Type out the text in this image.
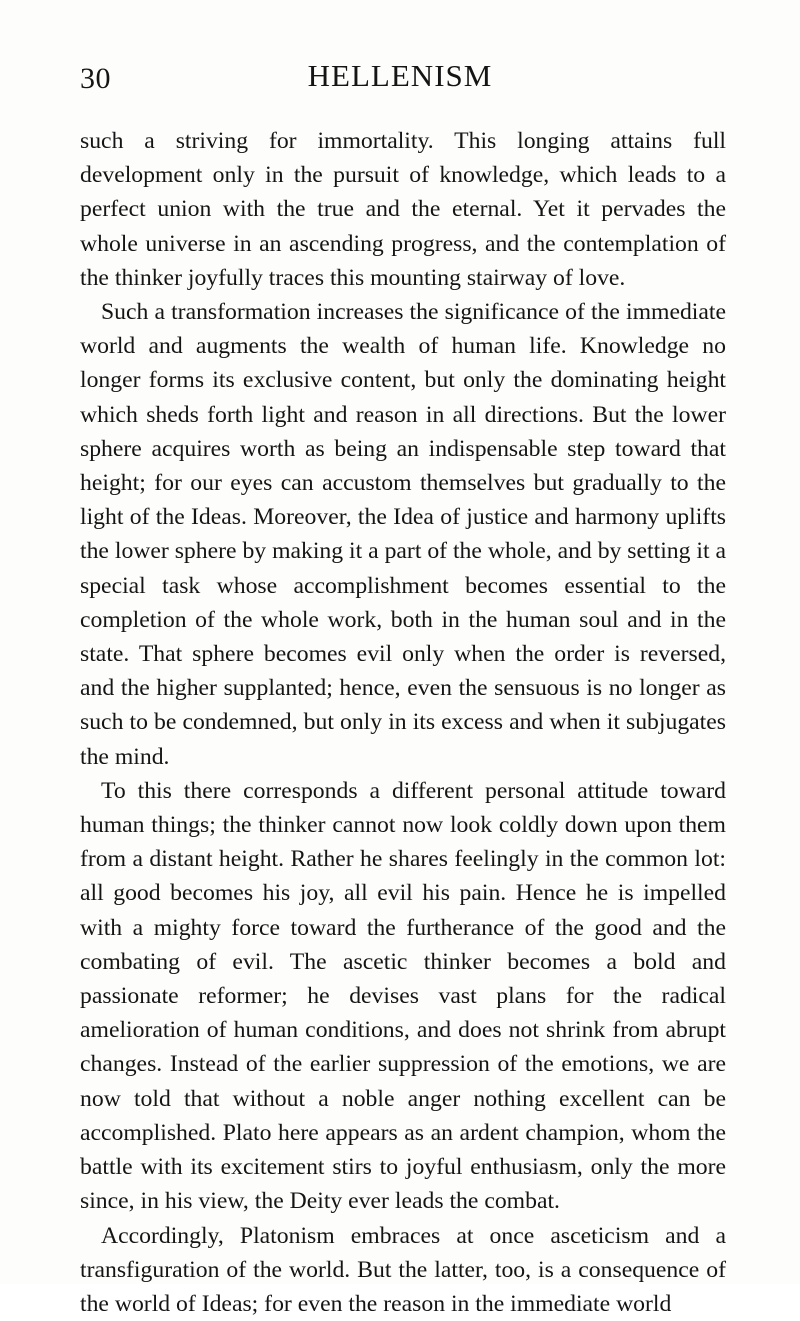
30	HELLENISM

such a striving for immortality. This longing attains full development only in the pursuit of knowledge, which leads to a perfect union with the true and the eternal. Yet it pervades the whole universe in an ascending progress, and the contemplation of the thinker joyfully traces this mounting stairway of love.

Such a transformation increases the significance of the immediate world and augments the wealth of human life. Knowledge no longer forms its exclusive content, but only the dominating height which sheds forth light and reason in all directions. But the lower sphere acquires worth as being an indispensable step toward that height; for our eyes can accustom themselves but gradually to the light of the Ideas. Moreover, the Idea of justice and harmony uplifts the lower sphere by making it a part of the whole, and by setting it a special task whose accomplishment becomes essential to the completion of the whole work, both in the human soul and in the state. That sphere becomes evil only when the order is reversed, and the higher supplanted; hence, even the sensuous is no longer as such to be condemned, but only in its excess and when it subjugates the mind.

To this there corresponds a different personal attitude toward human things; the thinker cannot now look coldly down upon them from a distant height. Rather he shares feelingly in the common lot: all good becomes his joy, all evil his pain. Hence he is impelled with a mighty force toward the furtherance of the good and the combating of evil. The ascetic thinker becomes a bold and passionate reformer; he devises vast plans for the radical amelioration of human conditions, and does not shrink from abrupt changes. Instead of the earlier suppression of the emotions, we are now told that without a noble anger nothing excellent can be accomplished. Plato here appears as an ardent champion, whom the battle with its excitement stirs to joyful enthusiasm, only the more since, in his view, the Deity ever leads the combat.

Accordingly, Platonism embraces at once asceticism and a transfiguration of the world. But the latter, too, is a consequence of the world of Ideas; for even the reason in the immediate world
